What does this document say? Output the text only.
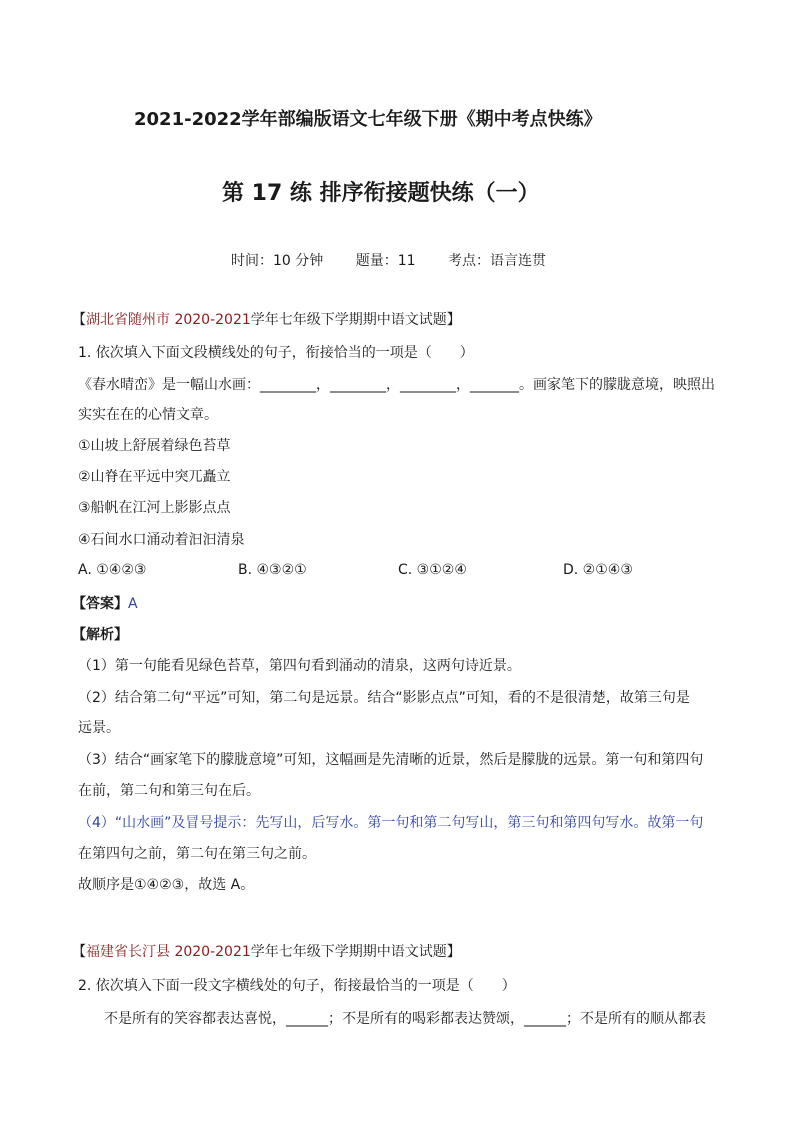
2021-2022学年部编版语文七年级下册《期中考点快练》
第 17 练 排序衔接题快练（一）
时间：10 分钟 题量：11 考点：语言连贯
【湖北省随州市 2020-2021学年七年级下学期期中语文试题】
1. 依次填入下面文段横线处的句子，衔接恰当的一项是（　　）
《春水晴峦》是一幅山水画：________，________，________，_______。画家笔下的朦胧意境，映照出
实实在在的心情文章。
①山坡上舒展着绿色苔草
②山脊在平远中突兀矗立
③船帆在江河上影影点点
④石间水口涌动着汩汩清泉
A. ①④②③	B. ④③②①	C. ③①②④	D. ②①④③
【答案】A
【解析】
（1）第一句能看见绿色苔草，第四句看到涌动的清泉，这两句诗近景。
（2）结合第二句“平远”可知，第二句是远景。结合“影影点点”可知，看的不是很清楚，故第三句是
远景。
（3）结合“画家笔下的朦胧意境”可知，这幅画是先清晰的近景，然后是朦胧的远景。第一句和第四句
在前，第二句和第三句在后。
（4）“山水画”及冒号提示：先写山，后写水。第一句和第二句写山，第三句和第四句写水。故第一句
在第四句之前，第二句在第三句之前。
故顺序是①④②③，故选 A。
【福建省长汀县 2020-2021学年七年级下学期期中语文试题】
2. 依次填入下面一段文字横线处的句子，衔接最恰当的一项是（　　）
不是所有的笑容都表达喜悦，______；不是所有的喝彩都表达赞颂，______；不是所有的顺从都表
